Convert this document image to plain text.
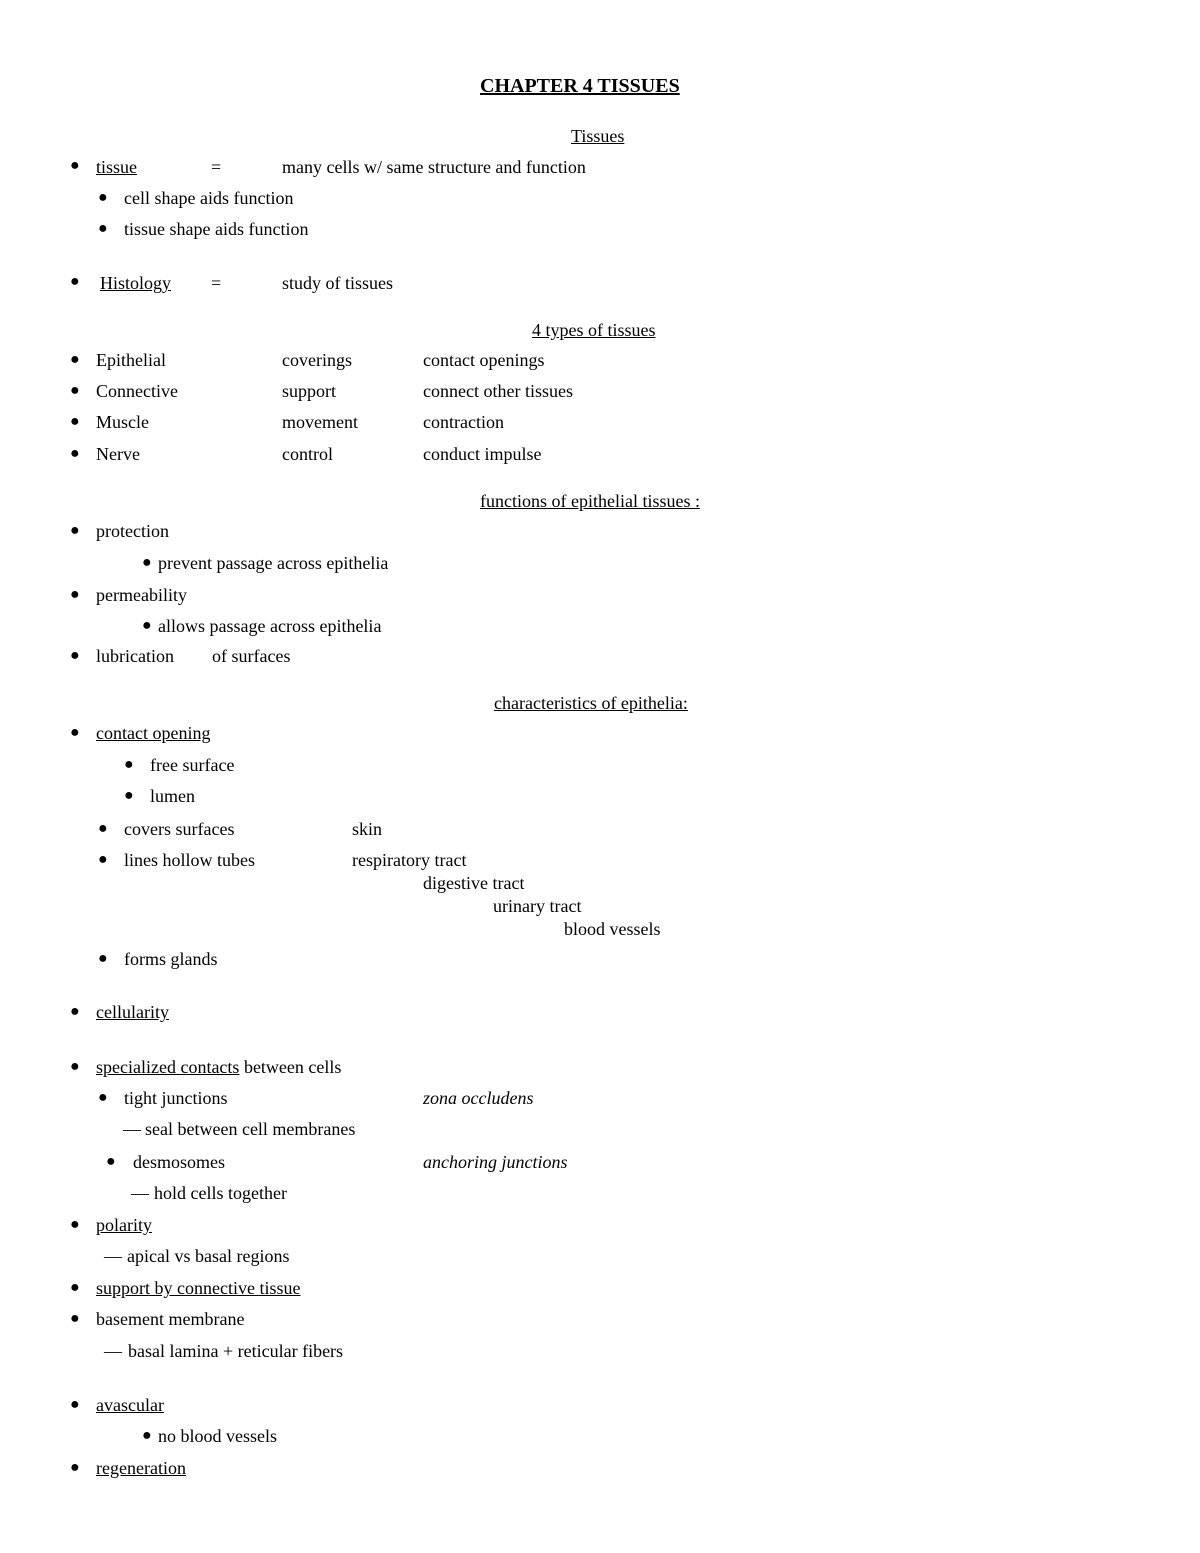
CHAPTER 4 TISSUES
Tissues
● tissue	=	many cells w/ same structure and function
● cell shape aids function
● tissue shape aids function
● Histology =	study of tissues
4 types of tissues
● Epithelial	coverings	contact openings
● Connective	support	connect other tissues
● Muscle	movement	contraction
● Nerve	control	conduct impulse
functions of epithelial tissues :
● protection
● prevent passage across epithelia
● permeability
● allows passage across epithelia
● lubrication of surfaces
characteristics of epithelia:
● contact opening
● free surface
● lumen
● covers surfaces	skin
● lines hollow tubes	respiratory tract
digestive tract
urinary tract
blood vessels
● forms glands
● cellularity
● specialized contacts between cells
● tight junctions	zona occludens
— seal between cell membranes
● desmosomes	anchoring junctions
— hold cells together
● polarity
— apical vs basal regions
● support by connective tissue
● basement membrane
— basal lamina + reticular fibers
● avascular
● no blood vessels
● regeneration
